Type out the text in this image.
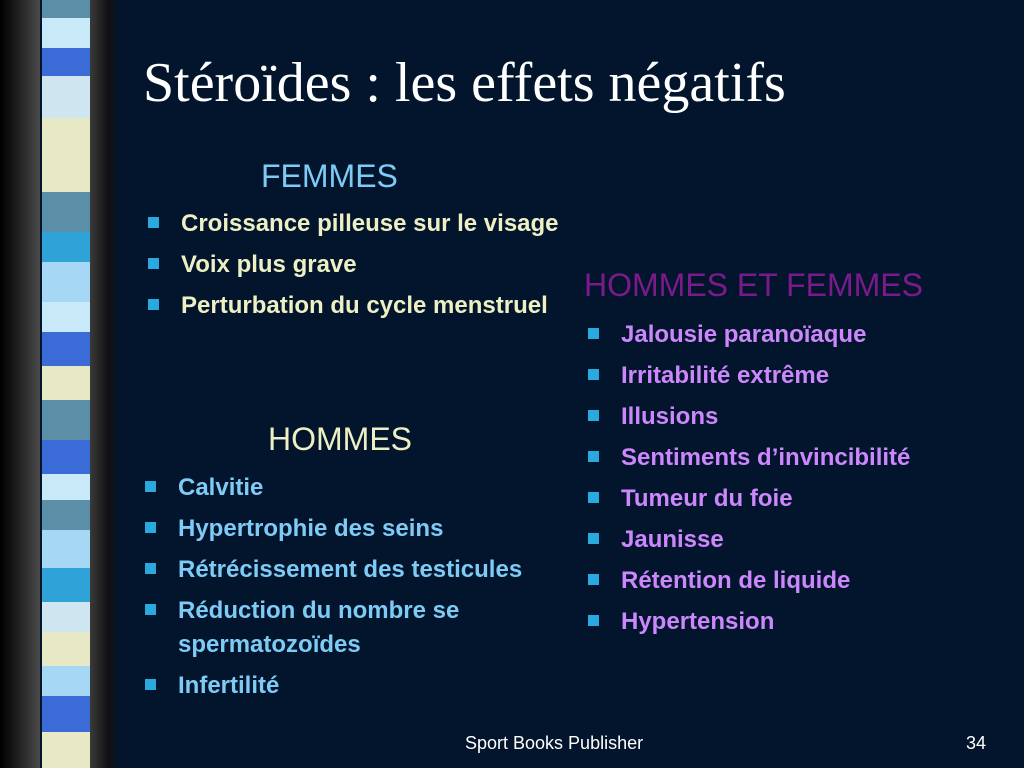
Stéroïdes : les effets négatifs
FEMMES
Croissance pilleuse sur le visage
Voix plus grave
Perturbation du cycle menstruel
HOMMES
Calvitie
Hypertrophie des seins
Rétrécissement des testicules
Réduction du nombre se spermatozoïdes
Infertilité
HOMMES ET FEMMES
Jalousie paranoïaque
Irritabilité extrême
Illusions
Sentiments d’invincibilité
Tumeur du foie
Jaunisse
Rétention de liquide
Hypertension
Sport Books Publisher	34
